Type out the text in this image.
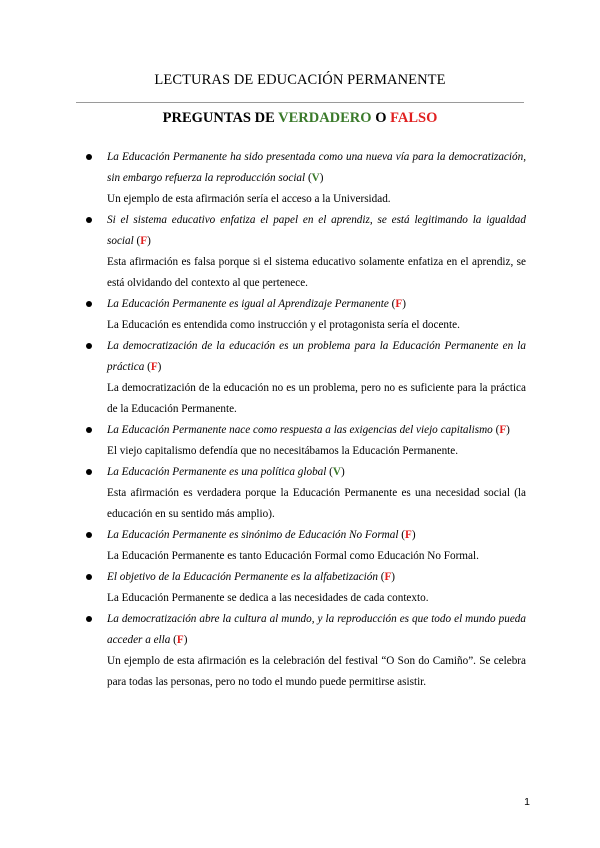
LECTURAS DE EDUCACIÓN PERMANENTE
PREGUNTAS DE VERDADERO O FALSO
La Educación Permanente ha sido presentada como una nueva vía para la democratización, sin embargo refuerza la reproducción social (V)
Un ejemplo de esta afirmación sería el acceso a la Universidad.
Si el sistema educativo enfatiza el papel en el aprendiz, se está legitimando la igualdad social (F)
Esta afirmación es falsa porque si el sistema educativo solamente enfatiza en el aprendiz, se está olvidando del contexto al que pertenece.
La Educación Permanente es igual al Aprendizaje Permanente (F)
La Educación es entendida como instrucción y el protagonista sería el docente.
La democratización de la educación es un problema para la Educación Permanente en la práctica (F)
La democratización de la educación no es un problema, pero no es suficiente para la práctica de la Educación Permanente.
La Educación Permanente nace como respuesta a las exigencias del viejo capitalismo (F)
El viejo capitalismo defendía que no necesitábamos la Educación Permanente.
La Educación Permanente es una política global (V)
Esta afirmación es verdadera porque la Educación Permanente es una necesidad social (la educación en su sentido más amplio).
La Educación Permanente es sinónimo de Educación No Formal (F)
La Educación Permanente es tanto Educación Formal como Educación No Formal.
El objetivo de la Educación Permanente es la alfabetización (F)
La Educación Permanente se dedica a las necesidades de cada contexto.
La democratización abre la cultura al mundo, y la reproducción es que todo el mundo pueda acceder a ella (F)
Un ejemplo de esta afirmación es la celebración del festival “O Son do Camiño”. Se celebra para todas las personas, pero no todo el mundo puede permitirse asistir.
1
